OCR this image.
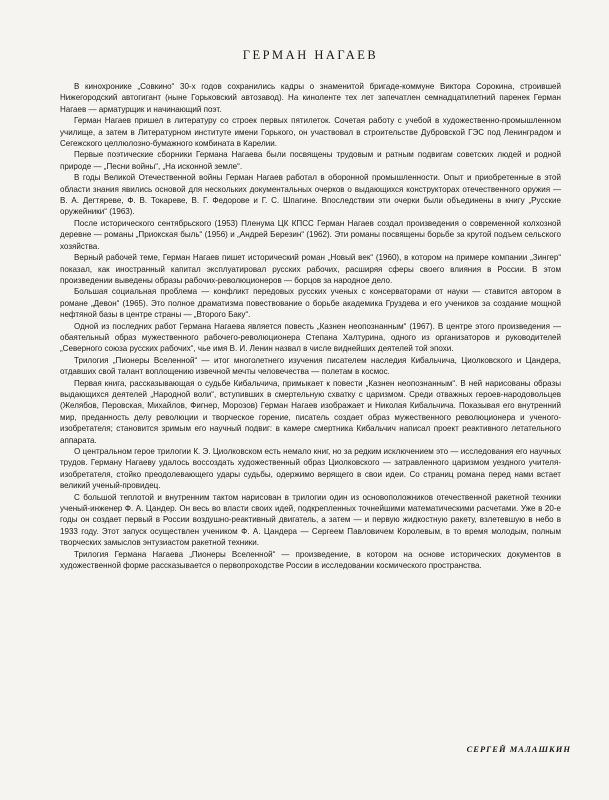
ГЕРМАН НАГАЕВ

В кинохронике „Совкино“ 30-х годов сохранились кадры о знаменитой бригаде-коммуне Виктора Сорокина, строившей Нижегородский автогигант (ныне Горьковский автозавод). На киноленте тех лет запечатлен семнадцатилетний паренек Герман Нагаев — арматурщик и начинающий поэт.

Герман Нагаев пришел в литературу со строек первых пятилеток. Сочетая работу с учебой в художественно-промышленном училище, а затем в Литературном институте имени Горького, он участвовал в строительстве Дубровской ГЭС под Ленинградом и Сегежского целлюлозно-бумажного комбината в Карелии.

Первые поэтические сборники Германа Нагаева были посвящены трудовым и ратным подвигам советских людей и родной природе — „Песни войны“, „На исконной земле“.

В годы Великой Отечественной войны Герман Нагаев работал в оборонной промышленности. Опыт и приобретенные в этой области знания явились основой для нескольких документальных очерков о выдающихся конструкторах отечественного оружия — В. А. Дегтяреве, Ф. В. Токареве, В. Г. Федорове и Г. С. Шпагине. Впоследствии эти очерки были объединены в книгу „Русские оружейники“ (1963).

После исторического сентябрьского (1953) Пленума ЦК КПСС Герман Нагаев создал произведения о современной колхозной деревне — романы „Приокская быль“ (1956) и „Андрей Березин“ (1962). Эти романы посвящены борьбе за крутой подъем сельского хозяйства.

Верный рабочей теме, Герман Нагаев пишет исторический роман „Новый век“ (1960), в котором на примере компании „Зингер“ показал, как иностранный капитал эксплуатировал русских рабочих, расширяя сферы своего влияния в России. В этом произведении выведены образы рабочих-революционеров — борцов за народное дело.

Большая социальная проблема — конфликт передовых русских ученых с консерваторами от науки — ставится автором в романе „Девон“ (1965). Это полное драматизма повествование о борьбе академика Груздева и его учеников за создание мощной нефтяной базы в центре страны — „Второго Баку“.

Одной из последних работ Германа Нагаева является повесть „Казнен неопознанным“ (1967). В центре этого произведения — обаятельный образ мужественного рабочего-революционера Степана Халтурина, одного из организаторов и руководителей „Северного союза русских рабочих“, чье имя В. И. Ленин назвал в числе виднейших деятелей той эпохи.

Трилогия „Пионеры Вселенной“ — итог многолетнего изучения писателем наследия Кибальчича, Циолковского и Цандера, отдавших свой талант воплощению извечной мечты человечества — полетам в космос.

Первая книга, рассказывающая о судьбе Кибальчича, примыкает к повести „Казнен неопознанным“. В ней нарисованы образы выдающихся деятелей „Народной воли“, вступивших в смертельную схватку с царизмом. Среди отважных героев-народовольцев (Желябов, Перовская, Михайлов, Фигнер, Морозов) Герман Нагаев изображает и Николая Кибальчича. Показывая его внутренний мир, преданность делу революции и творческое горение, писатель создает образ мужественного революционера и ученого-изобретателя; становится зримым его научный подвиг: в камере смертника Кибальчич написал проект реактивного летательного аппарата.

О центральном герое трилогии К. Э. Циолковском есть немало книг, но за редким исключением это — исследования его научных трудов. Герману Нагаеву удалось воссоздать художественный образ Циолковского — затравленного царизмом уездного учителя-изобретателя, стойко преодолевающего удары судьбы, одержимо верящего в свои идеи. Со страниц романа перед нами встает великий ученый-провидец.

С большой теплотой и внутренним тактом нарисован в трилогии один из основоположников отечественной ракетной техники ученый-инженер Ф. А. Цандер. Он весь во власти своих идей, подкрепленных точнейшими математическими расчетами. Уже в 20-е годы он создает первый в России воздушно-реактивный двигатель, а затем — и первую жидкостную ракету, взлетевшую в небо в 1933 году. Этот запуск осуществлен учеником Ф. А. Цандера — Сергеем Павловичем Королевым, в то время молодым, полным творческих замыслов энтузиастом ракетной техники.

Трилогия Германа Нагаева „Пионеры Вселенной“ — произведение, в котором на основе исторических документов в художественной форме рассказывается о первопроходстве России в исследовании космического пространства.

СЕРГЕЙ МАЛАШКИН
